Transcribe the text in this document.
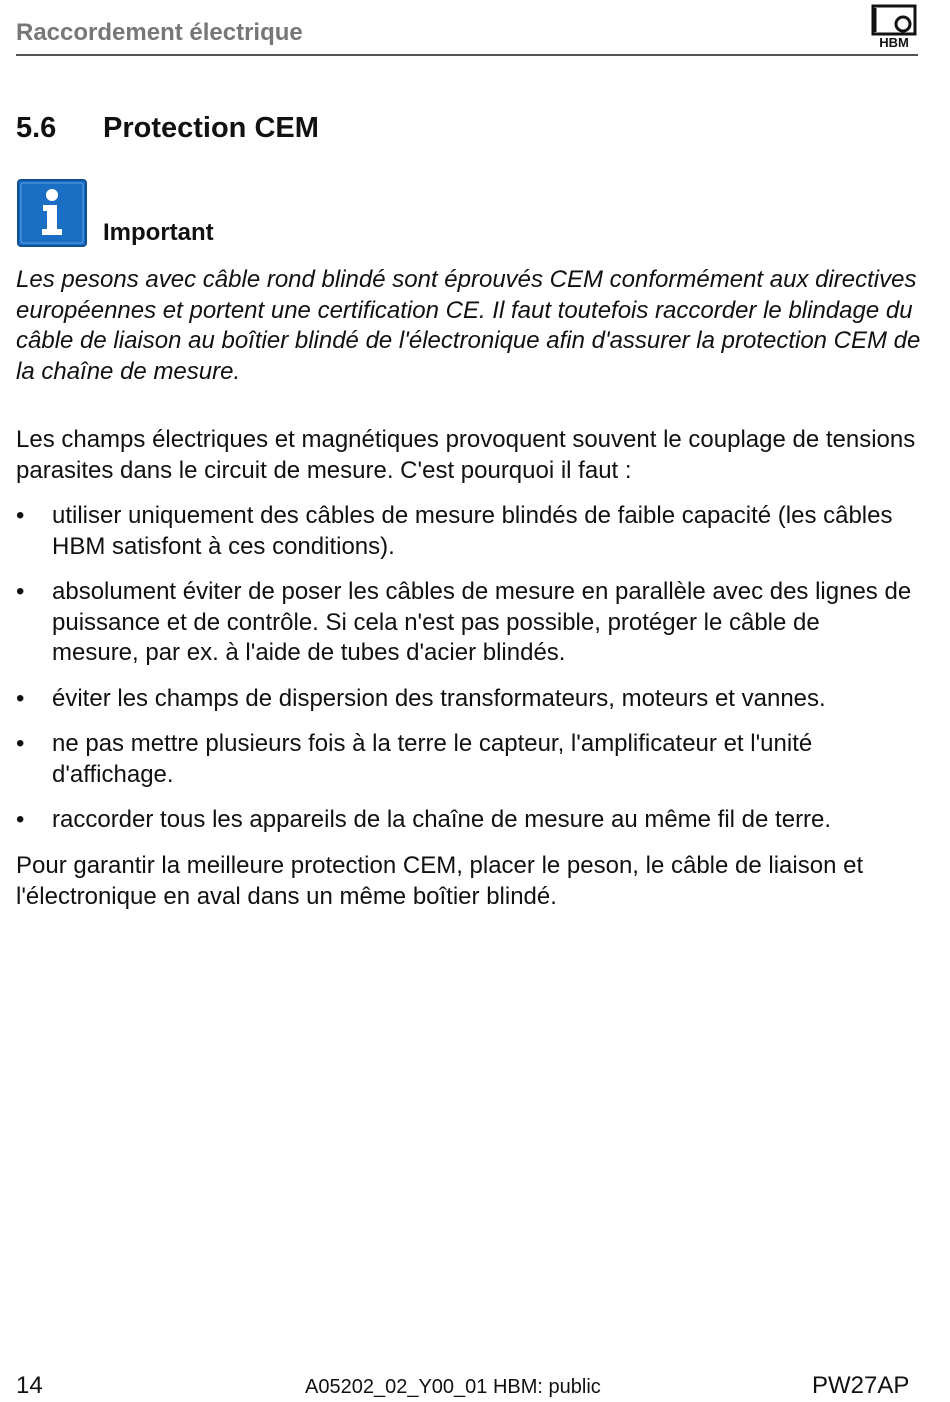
Raccordement électrique	HBM
5.6 Protection CEM
Important

Les pesons avec câble rond blindé sont éprouvés CEM conformément aux directives européennes et portent une certification CE. Il faut toutefois raccorder le blindage du câble de liaison au boîtier blindé de l'électronique afin d'assurer la protection CEM de la chaîne de mesure.

Les champs électriques et magnétiques provoquent souvent le couplage de tensions parasites dans le circuit de mesure. C'est pourquoi il faut :

• utiliser uniquement des câbles de mesure blindés de faible capacité (les câbles HBM satisfont à ces conditions).
• absolument éviter de poser les câbles de mesure en parallèle avec des lignes de puissance et de contrôle. Si cela n'est pas possible, protéger le câble de mesure, par ex. à l'aide de tubes d'acier blindés.
• éviter les champs de dispersion des transformateurs, moteurs et vannes.
• ne pas mettre plusieurs fois à la terre le capteur, l'amplificateur et l'unité d'affichage.
• raccorder tous les appareils de la chaîne de mesure au même fil de terre.

Pour garantir la meilleure protection CEM, placer le peson, le câble de liaison et l'électronique en aval dans un même boîtier blindé.

14	A05202_02_Y00_01 HBM: public	PW27AP
